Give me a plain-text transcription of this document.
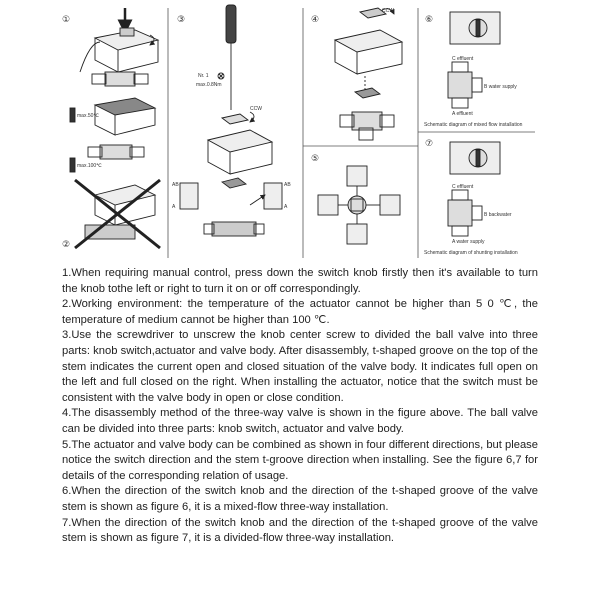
①
②
③	④
⑤
⑥
⑦
max.50℃
max.100℃
Nr. 1
max.0.8Nm
CCW
AB
A
AB
A
CCW
C effluent
B water supply
A effluent
Schematic diagram of mixed flow installation
C effluent
B backwater
A water supply
Schematic diagram of shunting installation

1.When requiring manual control, press down the switch knob firstly then it's available to turn the knob tothe left or right to turn it on or off correspondingly.

2.Working environment: the temperature of the actuator cannot be higher than 5 0 ℃, the temperature of medium cannot be higher than 100 ℃.

3.Use the screwdriver to unscrew the knob center screw to divided the ball valve into three parts: knob switch,actuator and valve body. After disassembly, t-shaped groove on the top of the stem indicates the current open and closed situation of the valve body. It indicates full open on the left and full closed on the right. When installing the actuator, notice that the switch must be consistent with the valve body in open or close condition.

4.The disassembly method of the three-way valve is shown in the figure above. The ball valve can be divided into three parts: knob switch, actuator and valve body.

5.The actuator and valve body can be combined as shown in four different directions, but please notice the switch direction and the stem t-groove direction when installing. See the figure 6,7 for details of the corresponding relation of usage.

6.When the direction of the switch knob and the direction of the t-shaped groove of the valve stem is shown as figure 6, it is a mixed-flow three-way installation.

7.When the direction of the switch knob and the direction of the t-shaped groove of the valve stem is shown as figure 7, it is a divided-flow three-way installation.
